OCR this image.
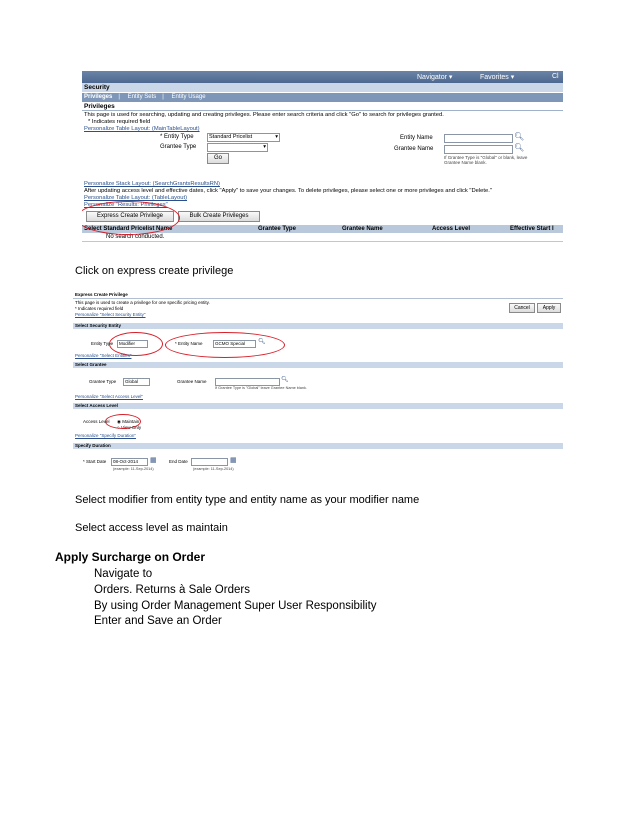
Navigator ▾	Favorites ▾	Cl
Security
Privileges | Entity Sets | Entity Usage
Privileges
This page is used for searching, updating and creating privileges. Please enter search criteria and click "Go" to search for privileges granted.
* Indicates required field
Personalize Table Layout: (MainTableLayout)
* Entity Type	Standard Pricelist	▾
Grantee Type	▾
Go
Entity Name	🔍︎
Grantee Name	🔍︎
If Grantee Type is "Global" or blank, leave
Grantee Name blank.
Personalize Stack Layout: (SearchGrantsResultsRN)
After updating access level and effective dates, click "Apply" to save your changes. To delete privileges, please select one or more privileges and click "Delete."
Personalize Table Layout: (TableLayout)
Personalize "Results: Privileges"
Express Create Privilege	Bulk Create Privileges
Select Standard Pricelist Name	Grantee Type	Grantee Name	Access Level	Effective Start I
No search conducted.
Click on express create privilege
Express Create Privilege
This page is used to create a privilege for one specific pricing entity.
* Indicates required field
Personalize "Select Security Entity"
Cancel	Apply
Select Security Entity
Entity Type	Modifier	* Entity Name	GCMO Special	🔍︎
Personalize "Select Entities"
Select Grantee
Grantee Type	Global	Grantee Name	🔍︎
If Grantee Type is "Global" leave Grantee Name blank.
Personalize "Select Access Level"
Select Access Level
Access Level ◉ Maintain
○ View Only
Personalize "Specify Duration"
Specify Duration
* Start Date	08-Oct-2014	▦
(example: 11-Sep-2014)
End Date	▦
(example: 11-Sep-2014)
Select modifier from entity type and entity name as your modifier name
Select access level as maintain
Apply Surcharge on Order
Navigate to
Orders. Returns à Sale Orders
By using Order Management Super User Responsibility
Enter and Save an Order
